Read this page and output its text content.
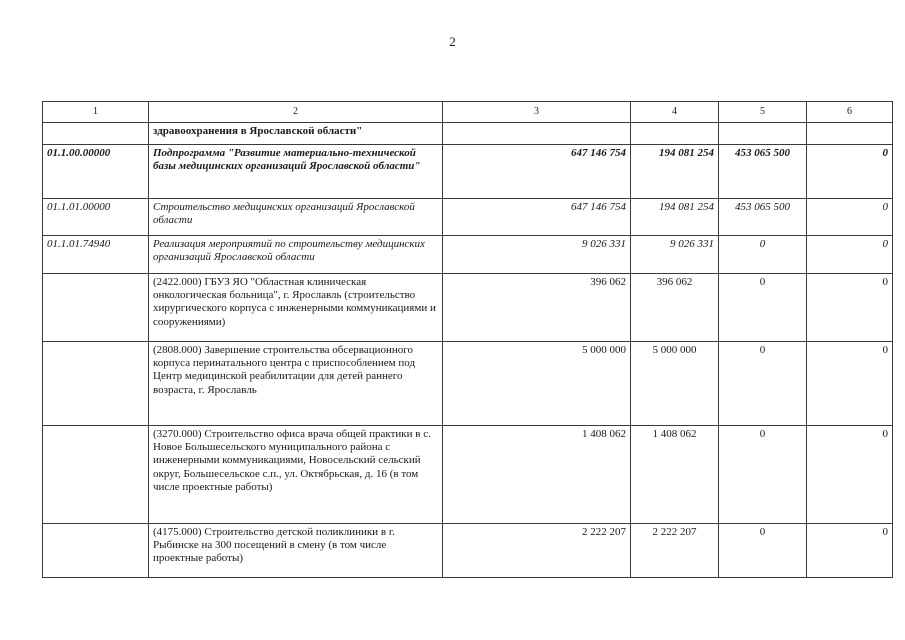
2
1	2	3	4	5	6
	здравоохранения в Ярославской области"				
01.1.00.00000	Подпрограмма "Развитие материально-технической базы медицинских организаций Ярославской области"	647 146 754	194 081 254	453 065 500	0
01.1.01.00000	Строительство медицинских организаций Ярославской области	647 146 754	194 081 254	453 065 500	0
01.1.01.74940	Реализация мероприятий по строительству медицинских организаций Ярославской области	9 026 331	9 026 331	0	0
	(2422.000) ГБУЗ ЯО "Областная клиническая онкологическая больница", г. Ярославль (строительство хирургического корпуса с инженерными коммуникациями и сооружениями)	396 062	396 062	0	0
	(2808.000) Завершение строительства обсервационного корпуса перинатального центра с приспособлением под Центр медицинской реабилитации для детей раннего возраста, г. Ярославль	5 000 000	5 000 000	0	0
	(3270.000) Строительство офиса врача общей практики в с. Новое Большесельского муниципального района с инженерными коммуникациями, Новосельский сельский округ, Большесельское с.п., ул. Октябрьская, д. 16 (в том числе проектные работы)	1 408 062	1 408 062	0	0
	(4175.000) Строительство детской поликлиники в г. Рыбинске на 300 посещений в смену (в том числе проектные работы)	2 222 207	2 222 207	0	0
